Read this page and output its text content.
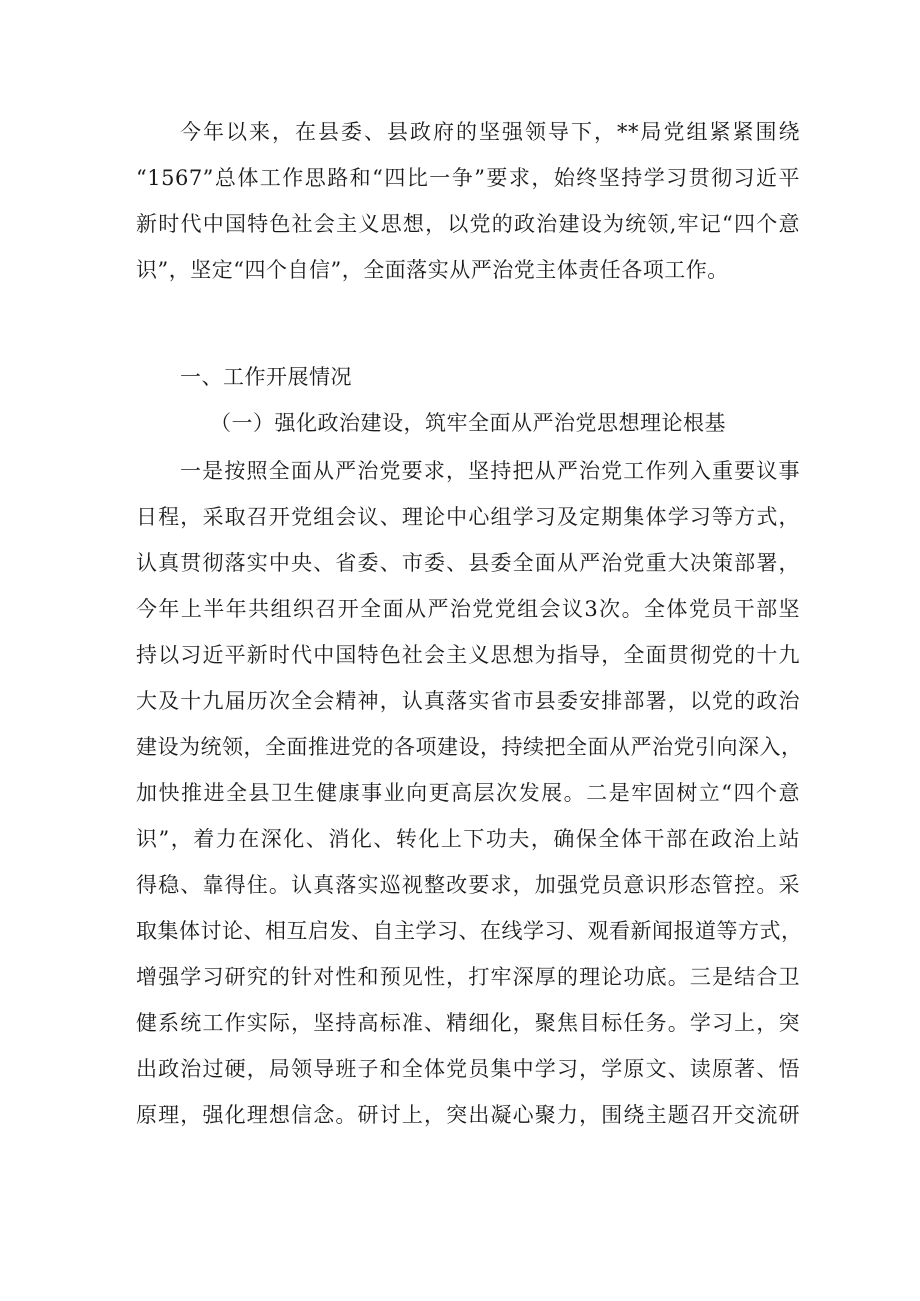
今年以来，在县委、县政府的坚强领导下，**局党组紧紧围绕
“1567”总体工作思路和“四比一争”要求，始终坚持学习贯彻习近平
新时代中国特色社会主义思想，以党的政治建设为统领,牢记“四个意
识”，坚定“四个自信”，全面落实从严治党主体责任各项工作。
一、工作开展情况
（一）强化政治建设，筑牢全面从严治党思想理论根基
一是按照全面从严治党要求，坚持把从严治党工作列入重要议事
日程，采取召开党组会议、理论中心组学习及定期集体学习等方式，
认真贯彻落实中央、省委、市委、县委全面从严治党重大决策部署，
今年上半年共组织召开全面从严治党党组会议3次。全体党员干部坚
持以习近平新时代中国特色社会主义思想为指导，全面贯彻党的十九
大及十九届历次全会精神，认真落实省市县委安排部署，以党的政治
建设为统领，全面推进党的各项建设，持续把全面从严治党引向深入，
加快推进全县卫生健康事业向更高层次发展。二是牢固树立“四个意
识”，着力在深化、消化、转化上下功夫，确保全体干部在政治上站
得稳、靠得住。认真落实巡视整改要求，加强党员意识形态管控。采
取集体讨论、相互启发、自主学习、在线学习、观看新闻报道等方式，
增强学习研究的针对性和预见性，打牢深厚的理论功底。三是结合卫
健系统工作实际，坚持高标准、精细化，聚焦目标任务。学习上，突
出政治过硬，局领导班子和全体党员集中学习，学原文、读原著、悟
原理，强化理想信念。研讨上，突出凝心聚力，围绕主题召开交流研
